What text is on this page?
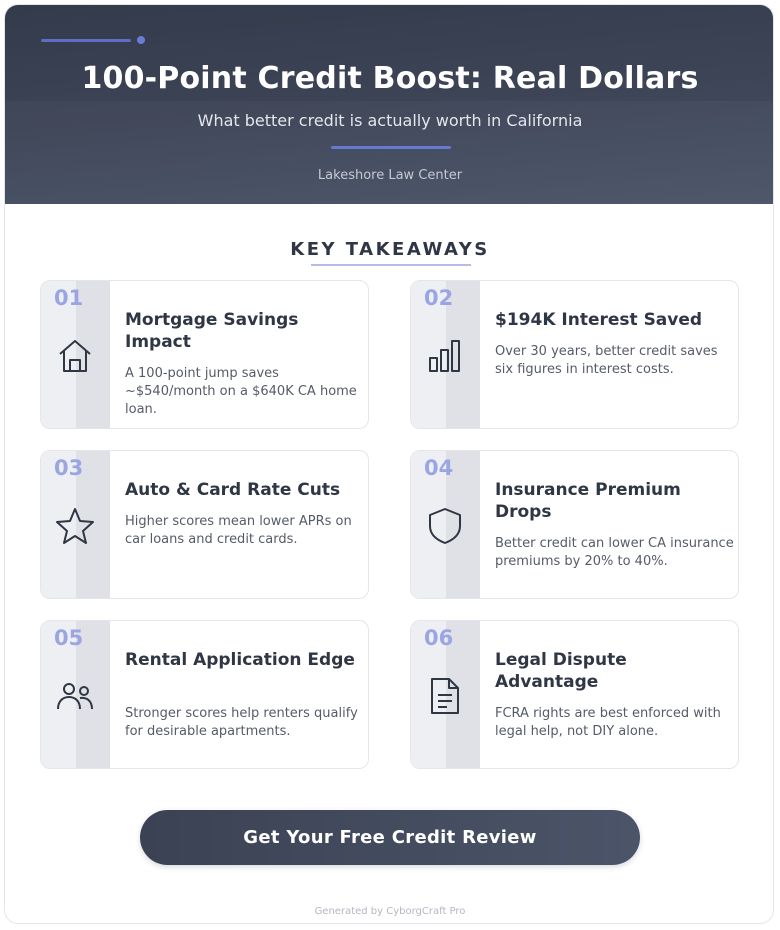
100-Point Credit Boost: Real Dollars
What better credit is actually worth in California
Lakeshore Law Center
KEY TAKEAWAYS
01
Mortgage Savings Impact
A 100-point jump saves ~$540/month on a $640K CA home loan.
02
$194K Interest Saved
Over 30 years, better credit saves six figures in interest costs.
03
Auto & Card Rate Cuts
Higher scores mean lower APRs on car loans and credit cards.
04
Insurance Premium Drops
Better credit can lower CA insurance premiums by 20% to 40%.
05
Rental Application Edge
Stronger scores help renters qualify for desirable apartments.
06
Legal Dispute Advantage
FCRA rights are best enforced with legal help, not DIY alone.
Get Your Free Credit Review
Generated by CyborgCraft Pro
